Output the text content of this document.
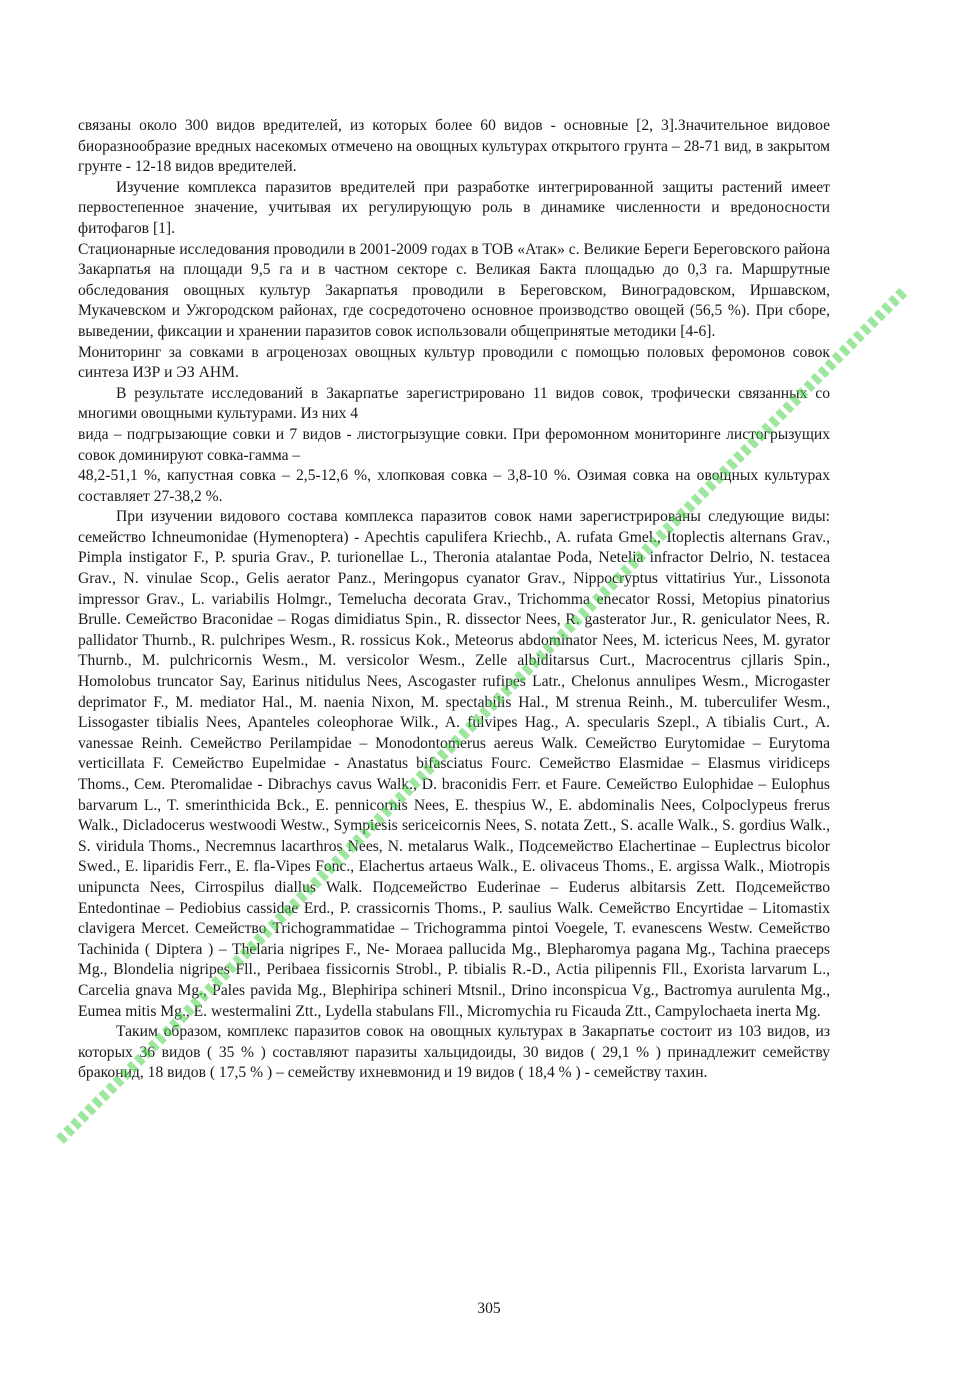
связаны около 300 видов вредителей, из которых более 60 видов - основные [2, 3].Значительное видовое биоразнообразие вредных насекомых отмечено на овощных культурах открытого грунта – 28-71 вид, в закрытом грунте - 12-18 видов вредителей.

Изучение комплекса паразитов вредителей при разработке интегрированной защиты растений имеет первостепенное значение, учитывая их регулирующую роль в динамике численности и вредоносности фитофагов [1].

Стационарные исследования проводили в 2001-2009 годах в ТОВ «Атак» с. Великие Береги Береговского района Закарпатья на площади 9,5 га и в частном секторе с. Великая Бакта площадью до 0,3 га. Маршрутные обследования овощных культур Закарпатья проводили в Береговском, Виноградовском, Иршавском, Мукачевском и Ужгородском районах, где сосредоточено основное производство овощей (56,5 %). При сборе, выведении, фиксации и хранении паразитов совок использовали общепринятые методики [4-6].

Мониторинг за совками в агроценозах овощных культур проводили с помощью половых феромонов совок синтеза ИЗР и ЭЗ АНМ.

В результате исследований в Закарпатье зарегистрировано 11 видов совок, трофически связанных со многими овощными культурами. Из них 4

вида – подгрызающие совки и 7 видов - листогрызущие совки. При феромонном мониторинге листогрызущих совок доминируют совка-гамма –

48,2-51,1 %, капустная совка – 2,5-12,6 %, хлопковая совка – 3,8-10 %. Озимая совка на овощных культурах составляет 27-38,2 %.

При изучении видового состава комплекса паразитов совок нами зарегистрированы следующие виды: семейство Ichneumonidae (Hymenoptera) - Apechtis capulifera Kriechb., A. rufata Gmel., Itoplectis alternans Grav., Pimpla instigator F., P. spuria Grav., P. turionellae L., Theronia atalantae Poda, Netelia infractor Delrio, N. testacea Grav., N. vinulae Scop., Gelis aerator Panz., Meringopus cyanator Grav., Nippocryptus vittatirius Yur., Lissonota impressor Grav., L. variabilis Holmgr., Temelucha decorata Grav., Trichomma enecator Rossi, Metopius pinatorius Brulle. Семейство Braconidae – Rogas dimidiatus Spin., R. dissector Nees, R. gasterator Jur., R. geniculator Nees, R. pallidator Thurnb., R. pulchripes Wesm., R. rossicus Kok., Meteorus abdominator Nees, M. ictericus Nees, M. gyrator Thurnb., M. pulchricornis Wesm., M. versicolor Wesm., Zelle albiditarsus Curt., Macrocentrus cjllaris Spin., Homolobus truncator Say, Earinus nitidulus Nees, Ascogaster rufipes Latr., Chelonus annulipes Wesm., Microgaster deprimator F., M. mediator Hal., M. naenia Nixon, M. spectabilis Hal., M strenua Reinh., M. tuberculifer Wesm., Lissogaster tibialis Nees, Apanteles coleophorae Wilk., A. fulvipes Hag., A. specularis Szepl., A tibialis Curt., A. vanessae Reinh. Семейство Perilampidae – Monodontomerus aereus Walk. Семейство Eurytomidae – Eurytoma verticillata F. Семейство Eupelmidae - Anastatus bifasciatus Fourc. Семейство Elasmidae – Elasmus viridiceps Thoms., Сем. Pteromalidae - Dibrachys cavus Walk., D. braconidis Ferr. et Faure. Семейство Eulophidae – Eulophus barvarum L., T. smerinthicida Bck., E. pennicornis Nees, E. thespius W., E. abdominalis Nees, Colpoclypeus frerus Walk., Dicladocerus westwoodi Westw., Sympiesis sericeicornis Nees, S. notata Zett., S. acalle Walk., S. gordius Walk., S. viridula Thoms., Necremnus lacarthros Nees, N. metalarus Walk., Подсемейство Elachertinae – Euplectrus bicolor Swed., E. liparidis Ferr., E. fla-Vipes Fonc., Elachertus artaeus Walk., E. olivaceus Thoms., E. argissa Walk., Miotropis unipuncta Nees, Cirrospilus diallus Walk. Подсемейство Euderinae – Euderus albitarsis Zett. Подсемейство Entedontinae – Pediobius cassidae Erd., P. crassicornis Thoms., P. saulius Walk. Семейство Encyrtidae – Litomastix clavigera Mercet. Семейство Trichogrammatidae – Trichogramma pintoi Voegele, T. evanescens Westw. Семейство Tachinida ( Diptera ) – Thelaria nigripes F., Ne- Moraea pallucida Mg., Blepharomya pagana Mg., Tachina praeceps Mg., Blondelia nigripes Fll., Peribaea fissicornis Strobl., P. tibialis R.-D., Actia pilipennis Fll., Exorista larvarum L., Carcelia gnava Mg., Pales pavida Mg., Blephiripa schineri Mtsnil., Drino inconspicua Vg., Bactromya aurulenta Mg., Eumea mitis Mg., E. westermalini Ztt., Lydella stabulans Fll., Micromychia ru Ficauda Ztt., Campylochaeta inerta Mg.

Таким образом, комплекс паразитов совок на овощных культурах в Закарпатье состоит из 103 видов, из которых 36 видов ( 35 % ) составляют паразиты хальцидоиды, 30 видов ( 29,1 % ) принадлежит семейству браконид, 18 видов ( 17,5 % ) – семейству ихневмонид и 19 видов ( 18,4 % ) - семейству тахин.

305
